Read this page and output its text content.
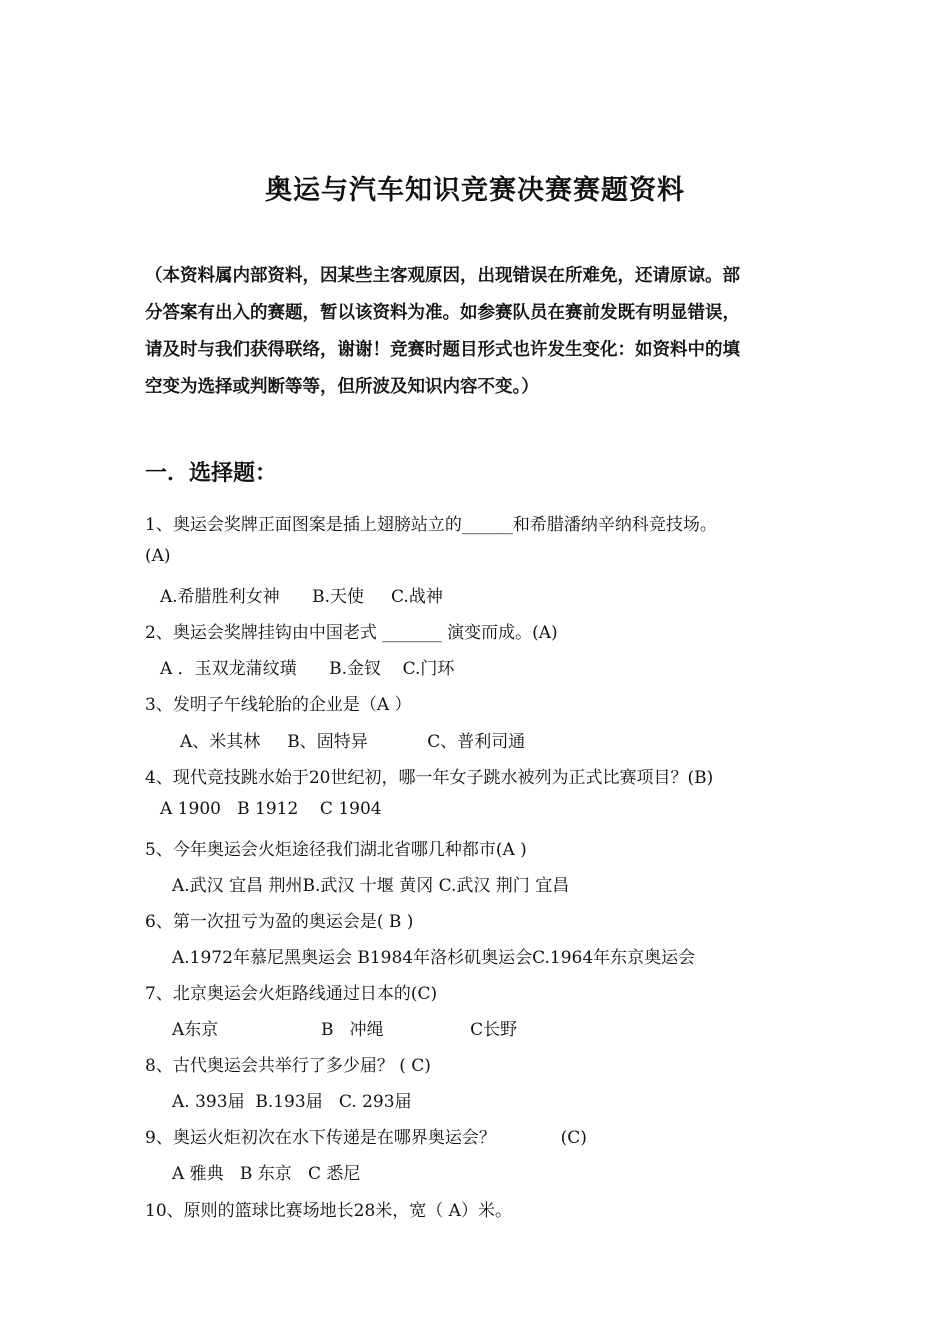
奥运与汽车知识竞赛决赛赛题资料
（本资料属内部资料，因某些主客观原因，出现错误在所难免，还请原谅。部
分答案有出入的赛题，暂以该资料为准。如参赛队员在赛前发既有明显错误，
请及时与我们获得联络，谢谢！竞赛时题目形式也许发生变化：如资料中的填
空变为选择或判断等等，但所波及知识内容不变。）
一．选择题：
1、奥运会奖牌正面图案是插上翅膀站立的______和希腊潘纳辛纳科竞技场。
(A)
A.希腊胜利女神      B.天使     C.战神
2、奥运会奖牌挂钩由中国老式 _______ 演变而成。(A)
A ．玉双龙蒲纹璜      B.金钗    C.门环
3、发明子午线轮胎的企业是（A ）
A、米其林     B、固特异           C、普利司通
4、现代竞技跳水始于20世纪初，哪一年女子跳水被列为正式比赛项目？(B)
A 1900   B 1912    C 1904
5、今年奥运会火炬途径我们湖北省哪几种都市(A )
A.武汉 宜昌 荆州B.武汉 十堰 黄冈 C.武汉 荆门 宜昌
6、第一次扭亏为盈的奥运会是( B )
A.1972年慕尼黑奥运会 B1984年洛杉矶奥运会C.1964年东京奥运会
7、北京奥运会火炬路线通过日本的(C)
A东京                   B   冲绳                C长野
8、古代奥运会共举行了多少届？ ( C)
A. 393届  B.193届   C. 293届
9、奥运火炬初次在水下传递是在哪界奥运会？            (C)
A 雅典   B 东京   C 悉尼
10、原则的篮球比赛场地长28米，宽（ A）米。
